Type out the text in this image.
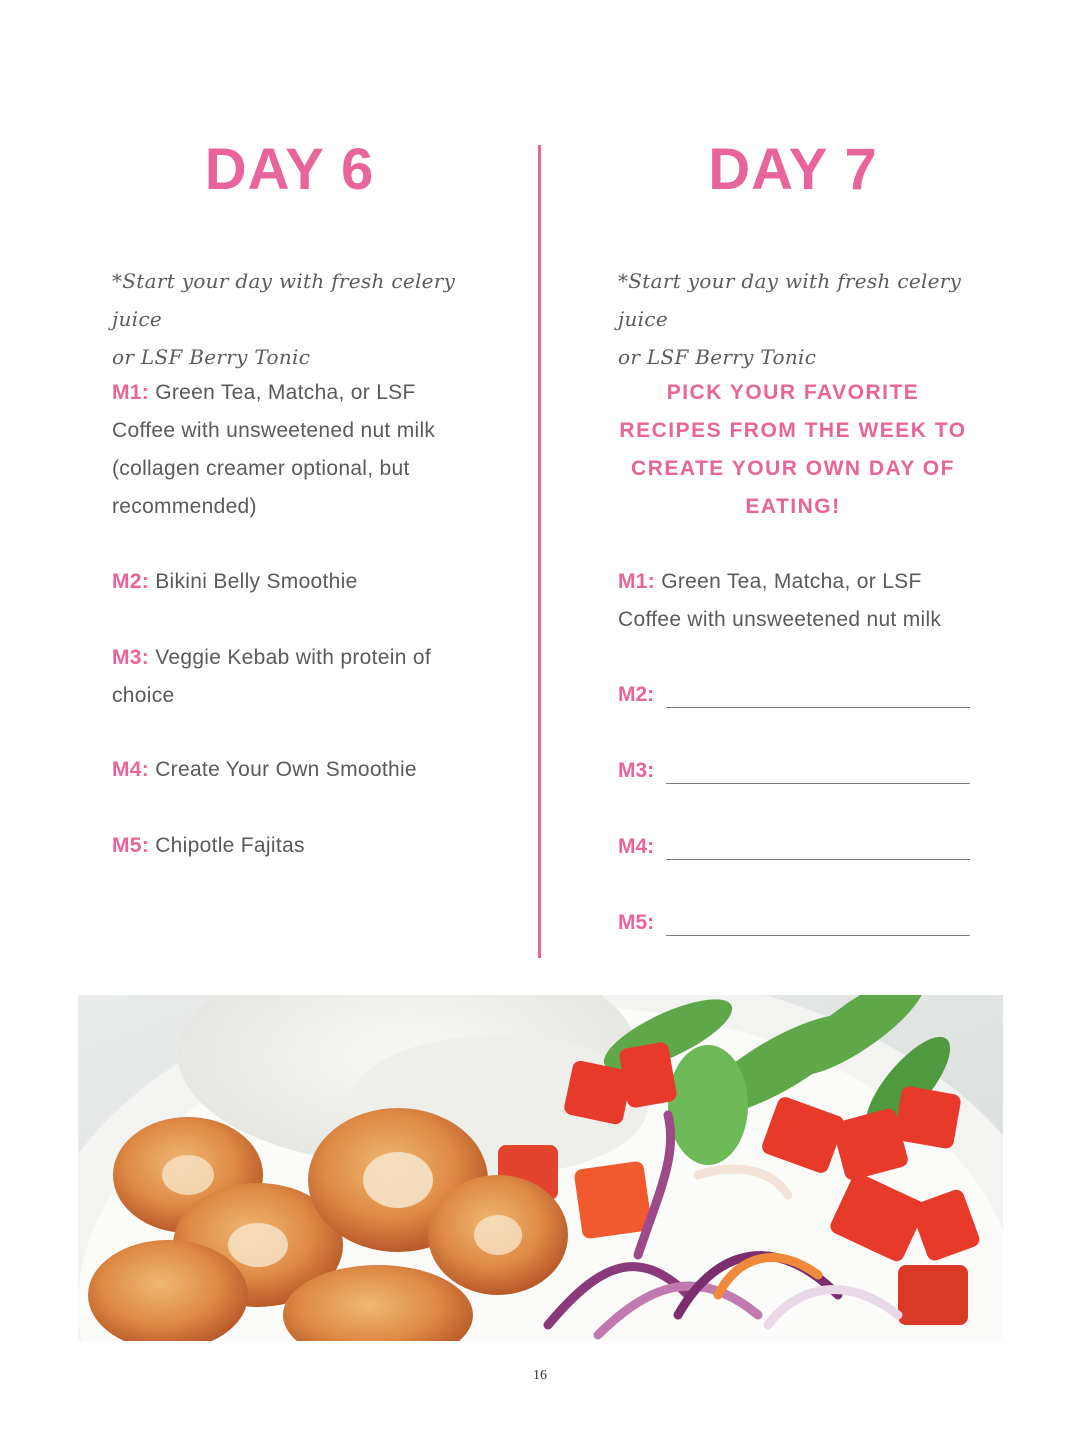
DAY 6
*Start your day with fresh celery juice
or LSF Berry Tonic
M1: Green Tea, Matcha, or LSF
Coffee with unsweetened nut milk
(collagen creamer optional, but
recommended)
M2: Bikini Belly Smoothie
M3: Veggie Kebab with protein of
choice
M4: Create Your Own Smoothie
M5: Chipotle Fajitas
DAY 7
*Start your day with fresh celery juice
or LSF Berry Tonic
PICK YOUR FAVORITE
RECIPES FROM THE WEEK TO
CREATE YOUR OWN DAY OF
EATING!
M1: Green Tea, Matcha, or LSF
Coffee with unsweetened nut milk
M2:
M3:
M4:
M5:
16
